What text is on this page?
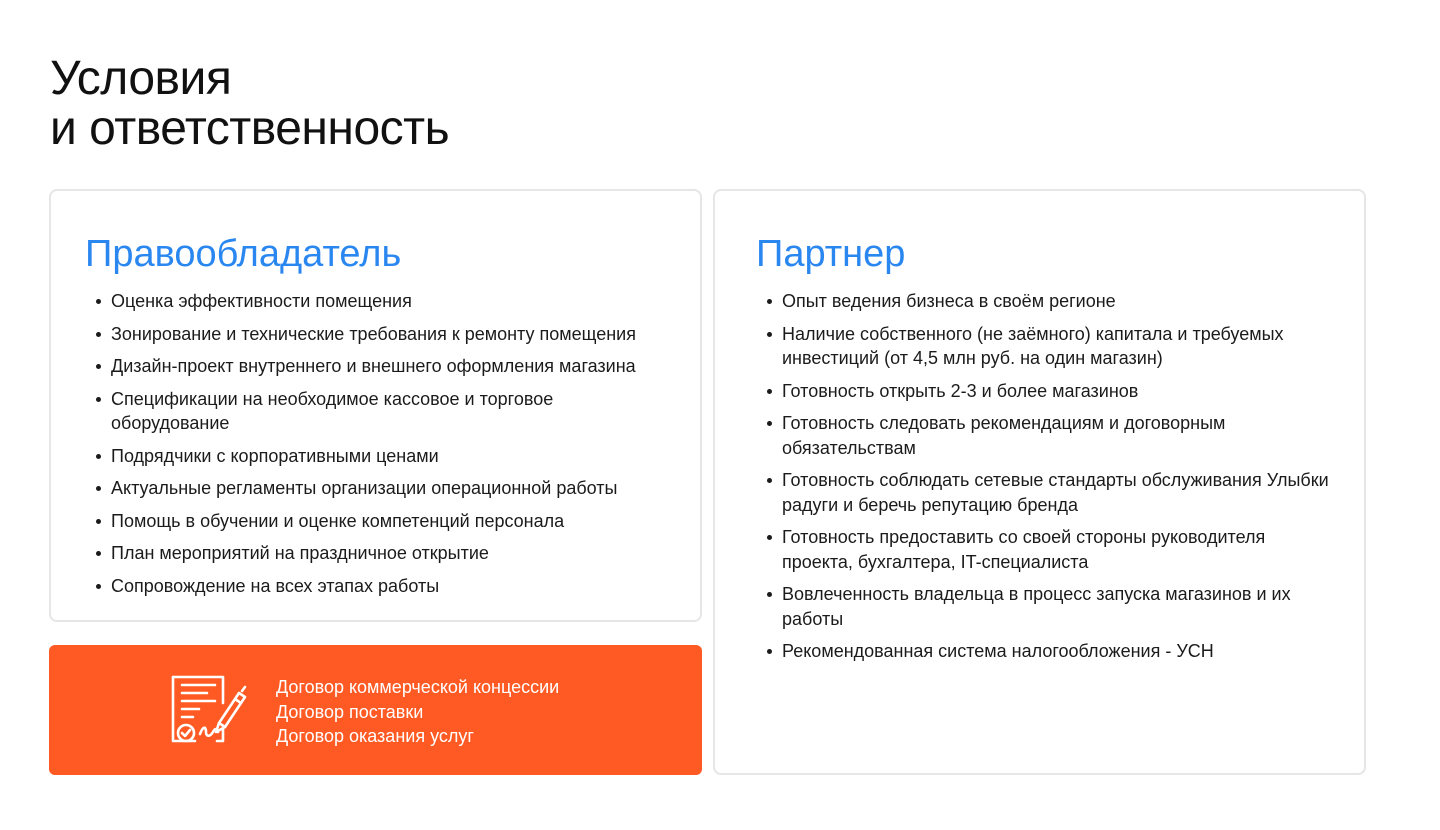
Условия
и ответственность
Правообладатель
Оценка эффективности помещения
Зонирование и технические требования к ремонту помещения
Дизайн-проект внутреннего и внешнего оформления магазина
Спецификации на необходимое кассовое и торговое оборудование
Подрядчики с корпоративными ценами
Актуальные регламенты организации операционной работы
Помощь в обучении и оценке компетенций персонала
План мероприятий на праздничное открытие
Сопровождение на всех этапах работы
Партнер
Опыт ведения бизнеса в своём регионе
Наличие собственного (не заёмного) капитала и требуемых инвестиций (от 4,5 млн руб. на один магазин)
Готовность открыть 2-3 и более магазинов
Готовность следовать рекомендациям и договорным обязательствам
Готовность соблюдать сетевые стандарты обслуживания Улыбки радуги и беречь репутацию бренда
Готовность предоставить со своей стороны руководителя проекта, бухгалтера, IT-специалиста
Вовлеченность владельца в процесс запуска магазинов и их работы
Рекомендованная система налогообложения - УСН
Договор коммерческой концессии
Договор поставки
Договор оказания услуг
